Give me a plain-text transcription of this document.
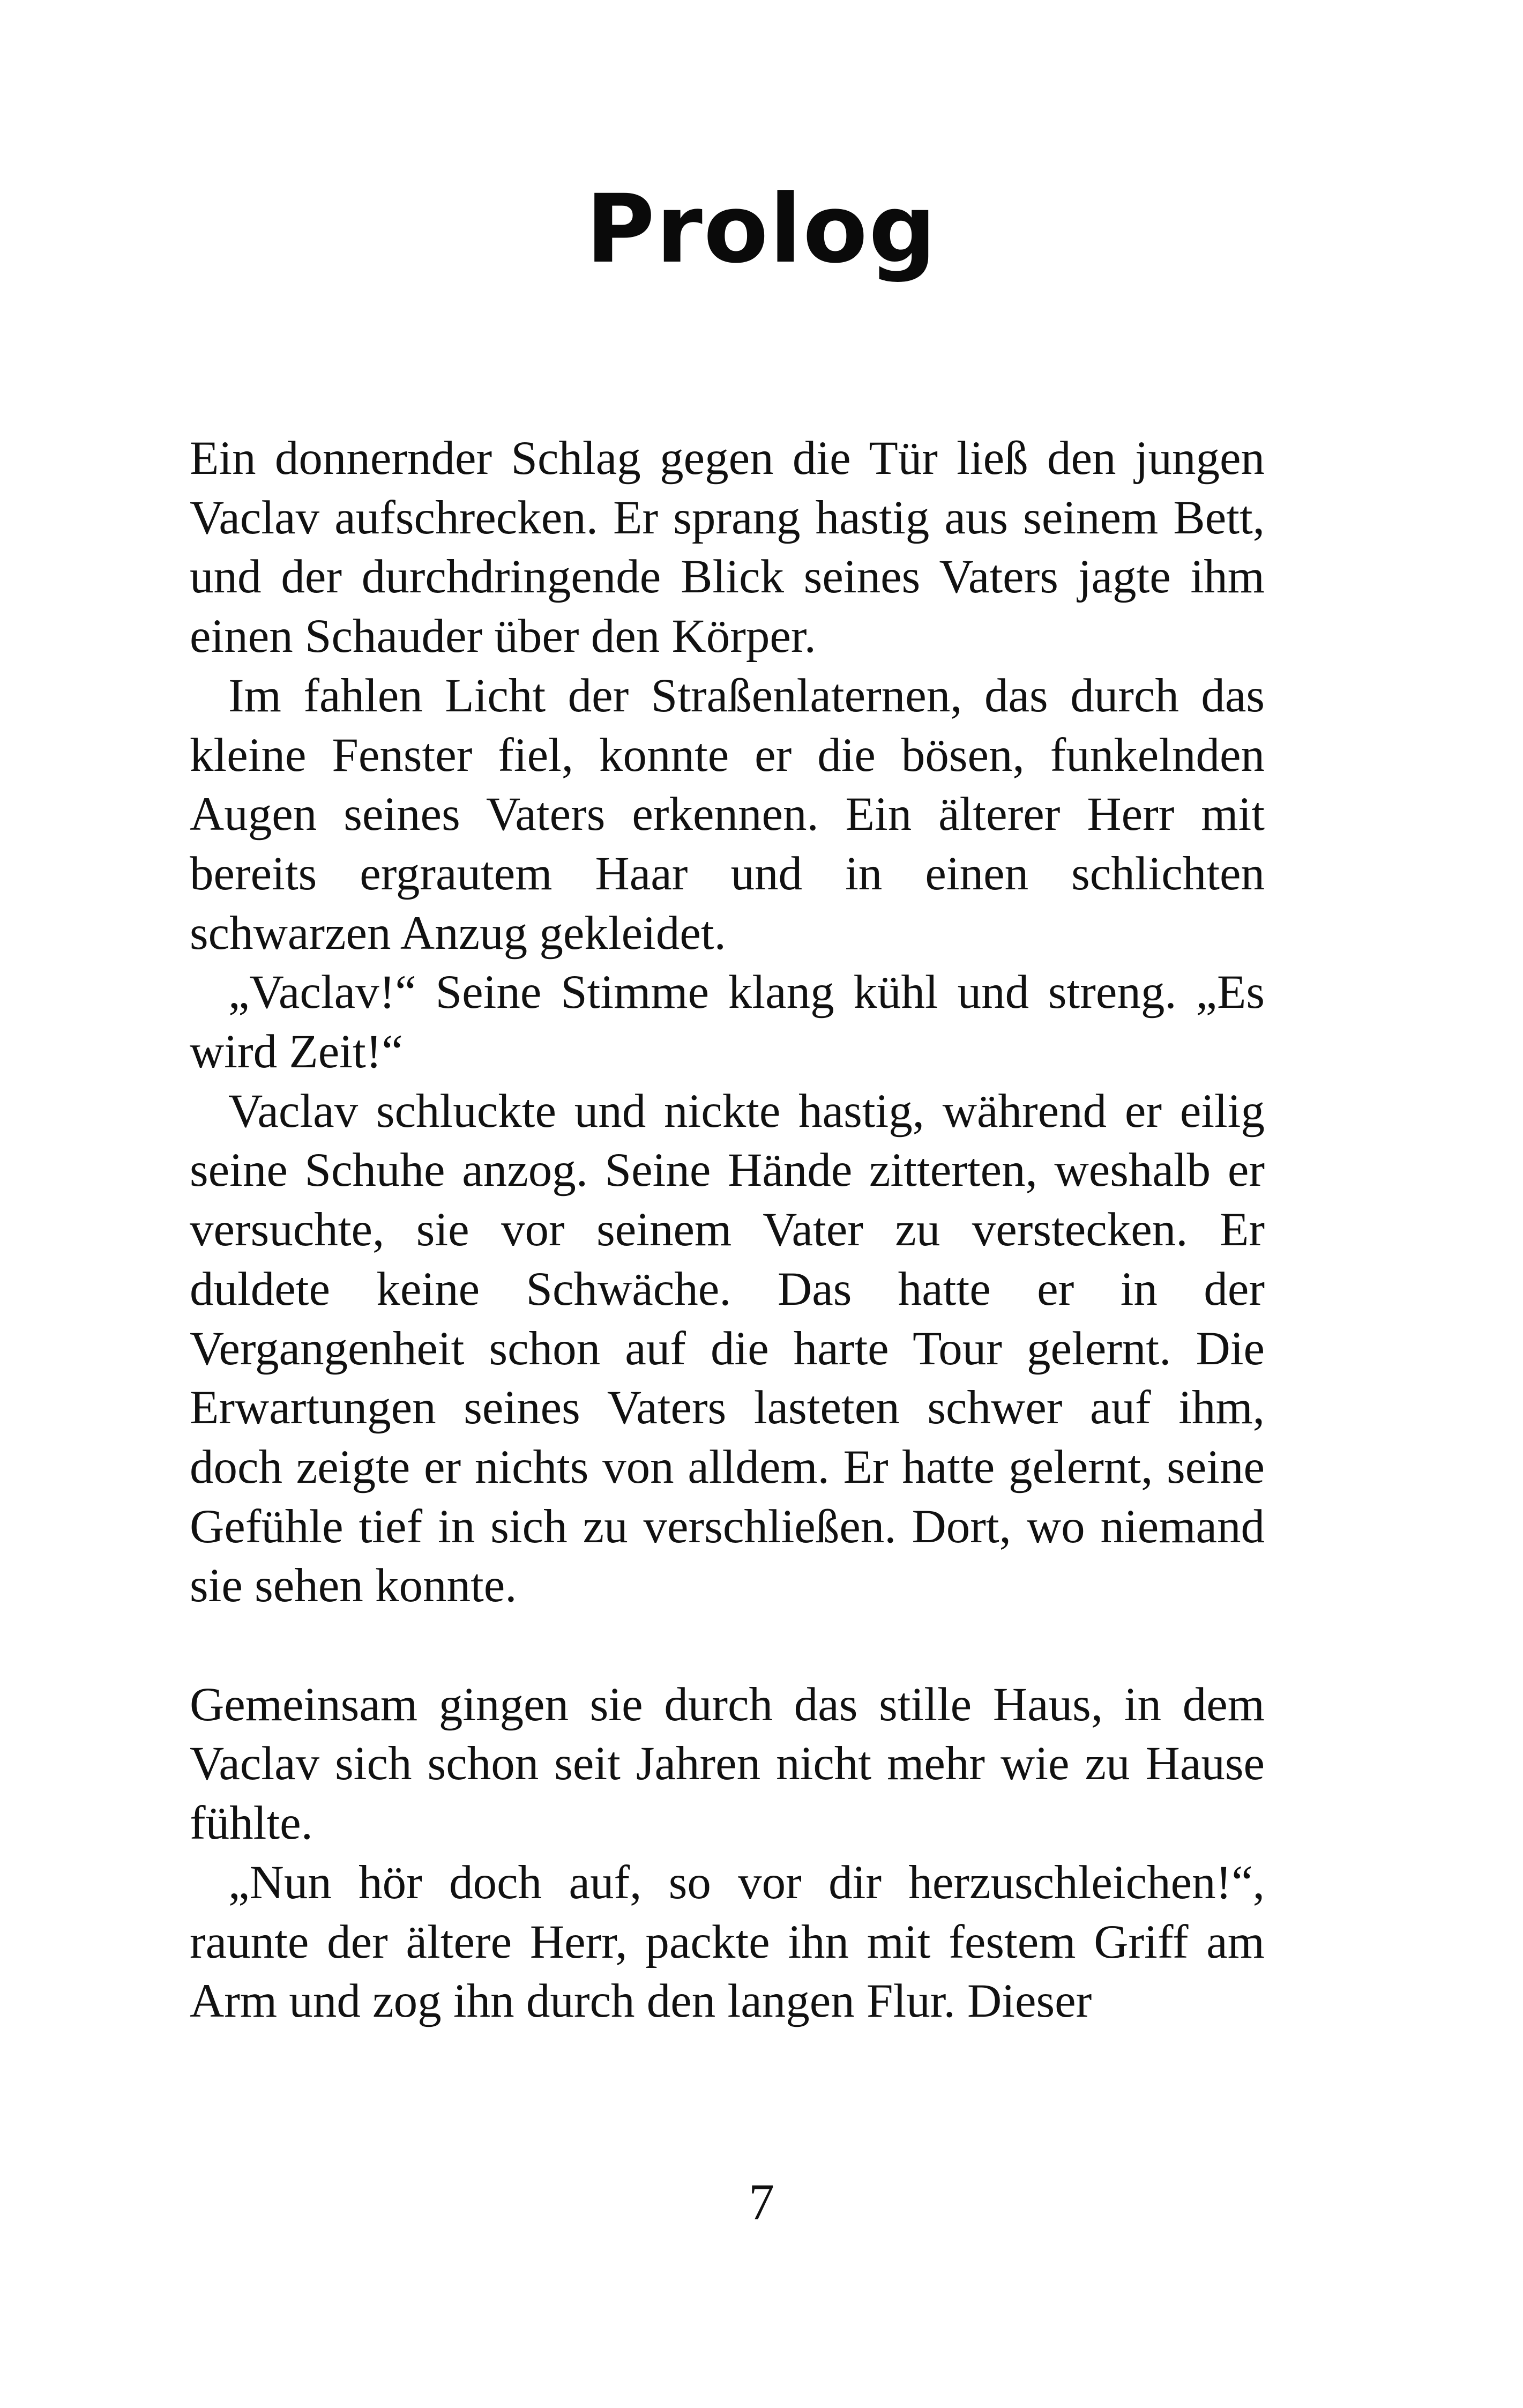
Prolog

Ein donnernder Schlag gegen die Tür ließ den jungen Vaclav aufschrecken. Er sprang hastig aus seinem Bett, und der durchdringende Blick seines Vaters jagte ihm einen Schauder über den Körper.

Im fahlen Licht der Straßenlaternen, das durch das kleine Fenster fiel, konnte er die bösen, funkelnden Augen seines Vaters erkennen. Ein älterer Herr mit bereits ergrautem Haar und in einen schlichten schwarzen Anzug gekleidet.

„Vaclav!“ Seine Stimme klang kühl und streng. „Es wird Zeit!“

Vaclav schluckte und nickte hastig, während er eilig seine Schuhe anzog. Seine Hände zitterten, weshalb er versuchte, sie vor seinem Vater zu verstecken. Er duldete keine Schwäche. Das hatte er in der Vergangenheit schon auf die harte Tour gelernt. Die Erwartungen seines Vaters lasteten schwer auf ihm, doch zeigte er nichts von alldem. Er hatte gelernt, seine Gefühle tief in sich zu verschließen. Dort, wo niemand sie sehen konnte.

Gemeinsam gingen sie durch das stille Haus, in dem Vaclav sich schon seit Jahren nicht mehr wie zu Hause fühlte.

„Nun hör doch auf, so vor dir herzuschleichen!“, raunte der ältere Herr, packte ihn mit festem Griff am Arm und zog ihn durch den langen Flur. Dieser

7
